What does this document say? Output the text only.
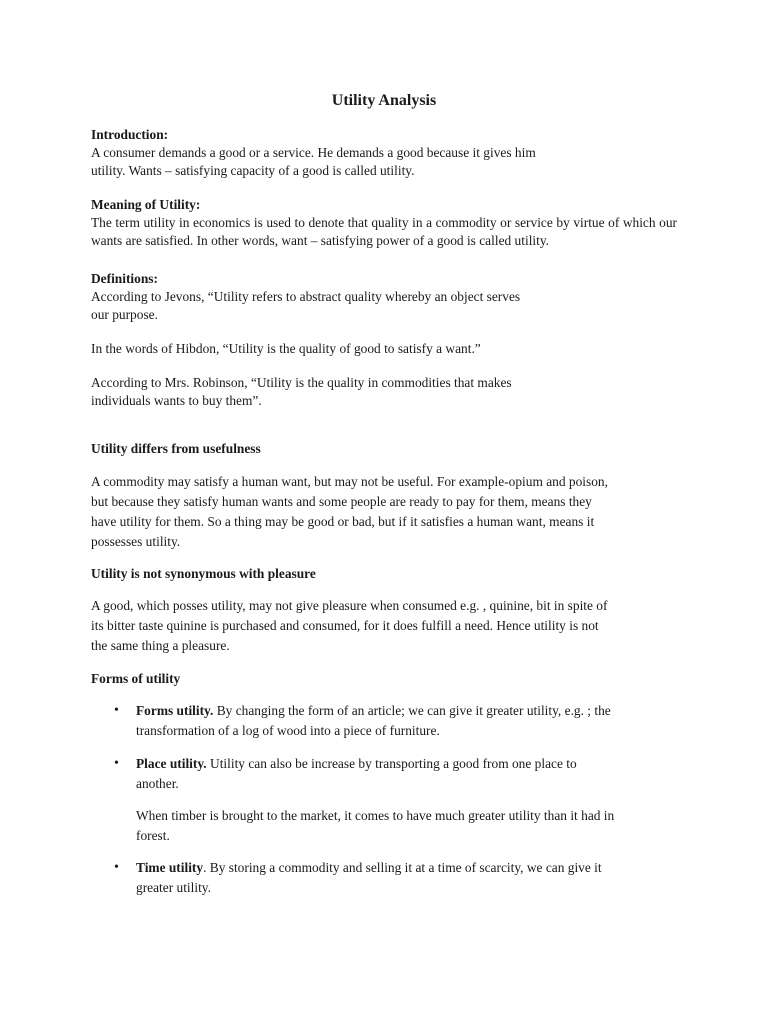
Utility Analysis
Introduction:
A consumer demands a good or a service. He demands a good because it gives him
utility. Wants – satisfying capacity of a good is called utility.
Meaning of Utility:
The term utility in economics is used to denote that quality in a commodity or service by virtue of which our wants are satisfied. In other words, want – satisfying power of a good is called utility.
Definitions:
According to Jevons, “Utility refers to abstract quality whereby an object serves
our purpose.
In the words of Hibdon, “Utility is the quality of good to satisfy a want.”
According to Mrs. Robinson, “Utility is the quality in commodities that makes
individuals wants to buy them”.
Utility differs from usefulness
A commodity may satisfy a human want, but may not be useful. For example-opium and poison,
but because they satisfy human wants and some people are ready to pay for them, means they
have utility for them. So a thing may be good or bad, but if it satisfies a human want, means it
possesses utility.
Utility is not synonymous with pleasure
A good, which posses utility, may not give pleasure when consumed e.g. , quinine, bit in spite of
its bitter taste quinine is purchased and consumed, for it does fulfill a need. Hence utility is not
the same thing a pleasure.
Forms of utility
• Forms utility. By changing the form of an article; we can give it greater utility, e.g. ; the
transformation of a log of wood into a piece of furniture.
• Place utility. Utility can also be increase by transporting a good from one place to
another.
When timber is brought to the market, it comes to have much greater utility than it had in
forest.
• Time utility. By storing a commodity and selling it at a time of scarcity, we can give it
greater utility.
